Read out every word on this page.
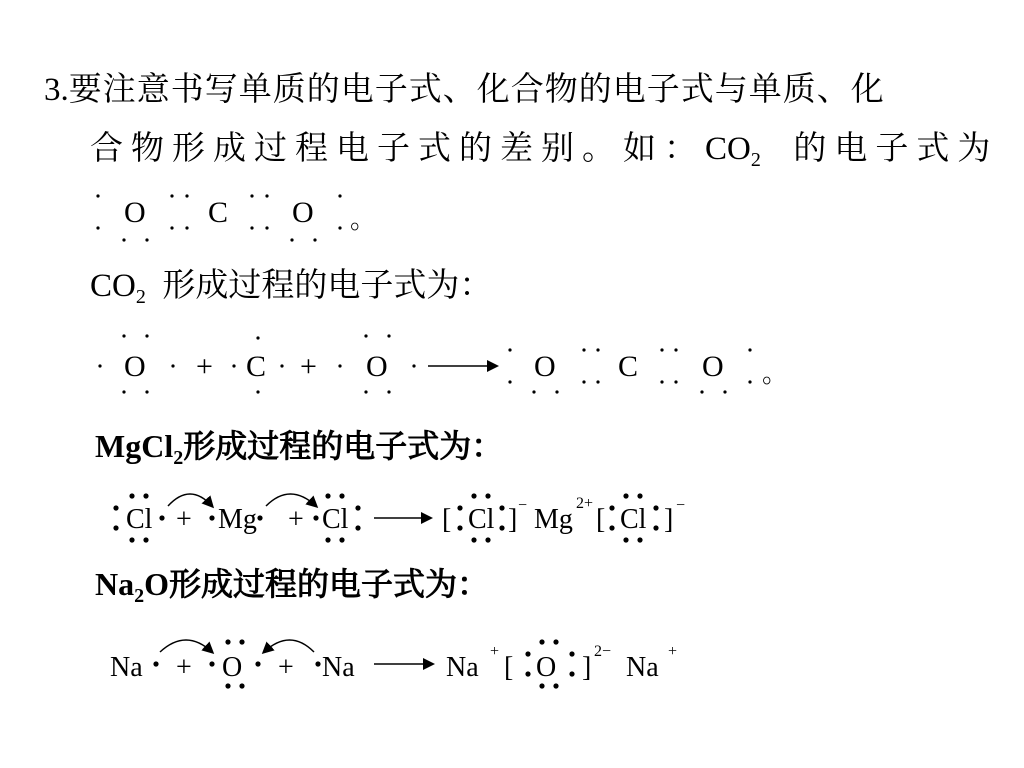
3.要注意书写单质的电子式、化合物的电子式与单质、化
合物形成过程电子式的差别。如：$CO_2$ 的电子式为
$CO_2$ 形成过程的电子式为：
MgCl$_2$形成过程的电子式为：
$Na_2O$形成过程的电子式为：
O C O 。
O + C + O	O C O 。
Cl + Mg + Cl	[ Cl ] − Mg
2+
[ Cl ] −
Na + O + Na	Na
+
[ O ]
2−
Na
+
